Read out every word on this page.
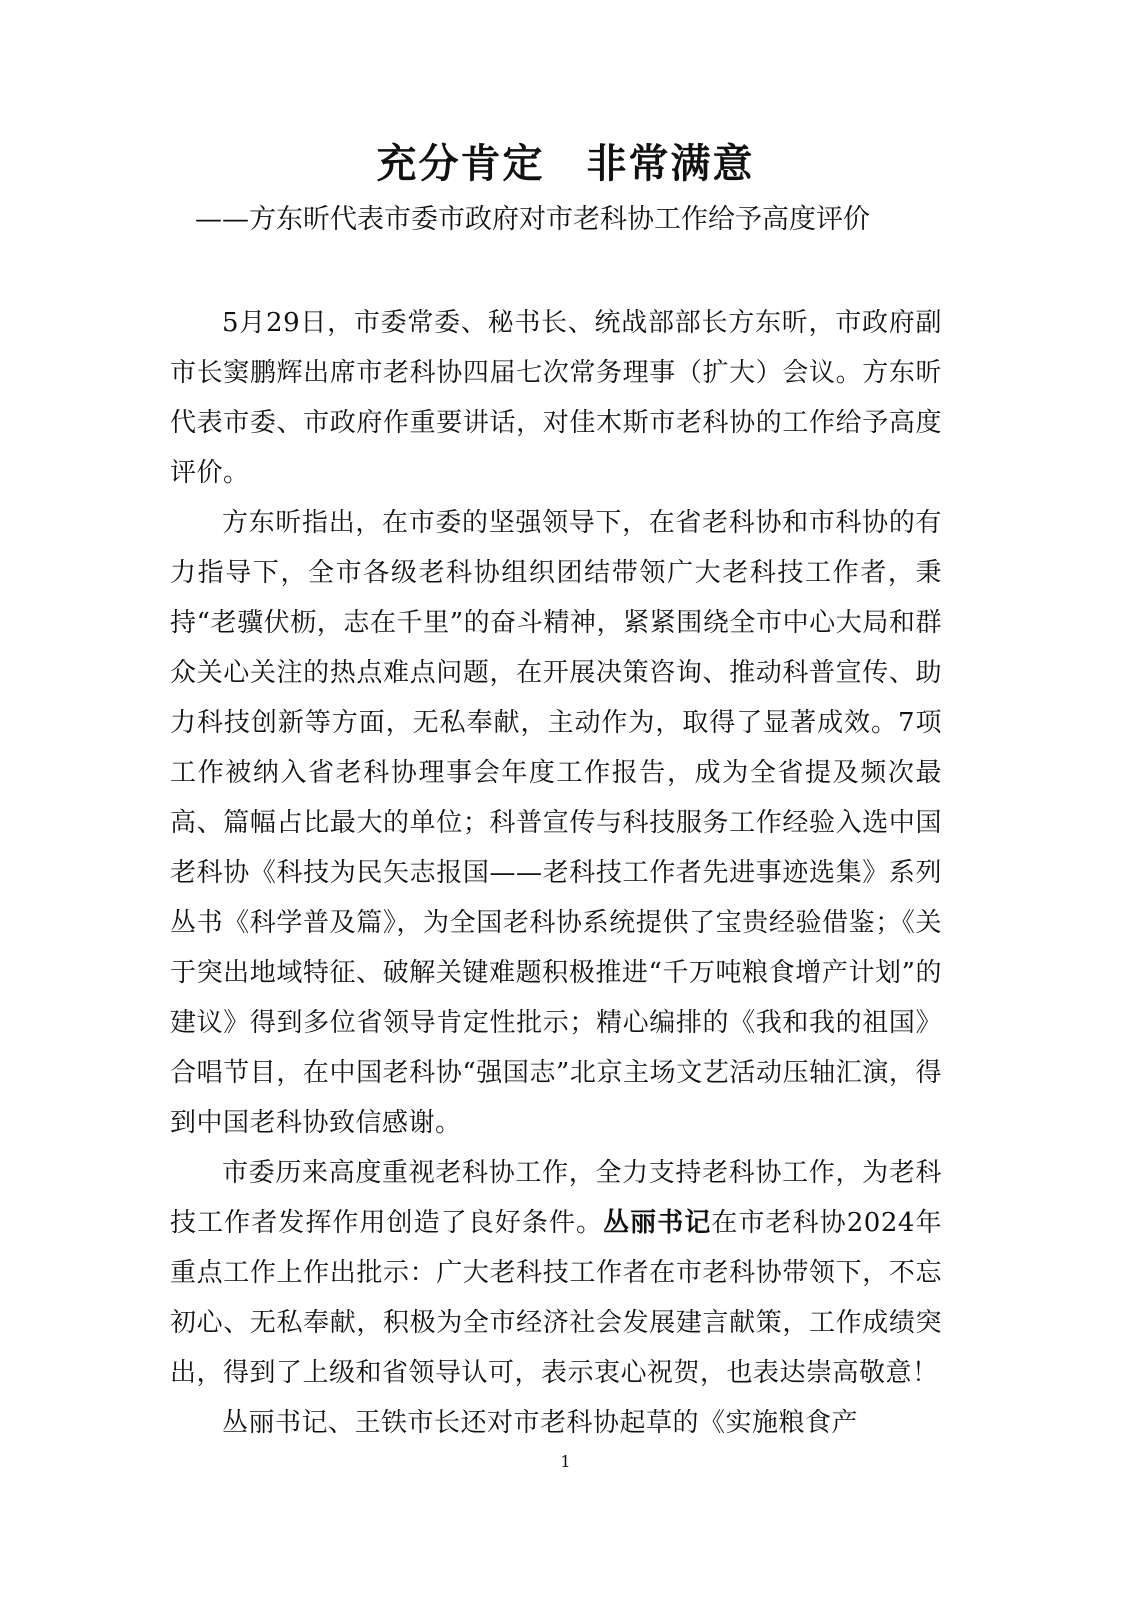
充分肯定　非常满意
——方东昕代表市委市政府对市老科协工作给予高度评价

5月29日，市委常委、秘书长、统战部部长方东昕，市政府副市长窦鹏辉出席市老科协四届七次常务理事（扩大）会议。方东昕代表市委、市政府作重要讲话，对佳木斯市老科协的工作给予高度评价。

方东昕指出，在市委的坚强领导下，在省老科协和市科协的有力指导下，全市各级老科协组织团结带领广大老科技工作者，秉持“老骥伏枥，志在千里”的奋斗精神，紧紧围绕全市中心大局和群众关心关注的热点难点问题，在开展决策咨询、推动科普宣传、助力科技创新等方面，无私奉献，主动作为，取得了显著成效。7项工作被纳入省老科协理事会年度工作报告，成为全省提及频次最高、篇幅占比最大的单位；科普宣传与科技服务工作经验入选中国老科协《科技为民矢志报国——老科技工作者先进事迹选集》系列丛书《科学普及篇》，为全国老科协系统提供了宝贵经验借鉴；《关于突出地域特征、破解关键难题积极推进“千万吨粮食增产计划”的建议》得到多位省领导肯定性批示；精心编排的《我和我的祖国》合唱节目，在中国老科协“强国志”北京主场文艺活动压轴汇演，得到中国老科协致信感谢。

市委历来高度重视老科协工作，全力支持老科协工作，为老科技工作者发挥作用创造了良好条件。丛丽书记在市老科协2024年重点工作上作出批示：广大老科技工作者在市老科协带领下，不忘初心、无私奉献，积极为全市经济社会发展建言献策，工作成绩突出，得到了上级和省领导认可，表示衷心祝贺，也表达崇高敬意！

丛丽书记、王铁市长还对市老科协起草的《实施粮食产

1
